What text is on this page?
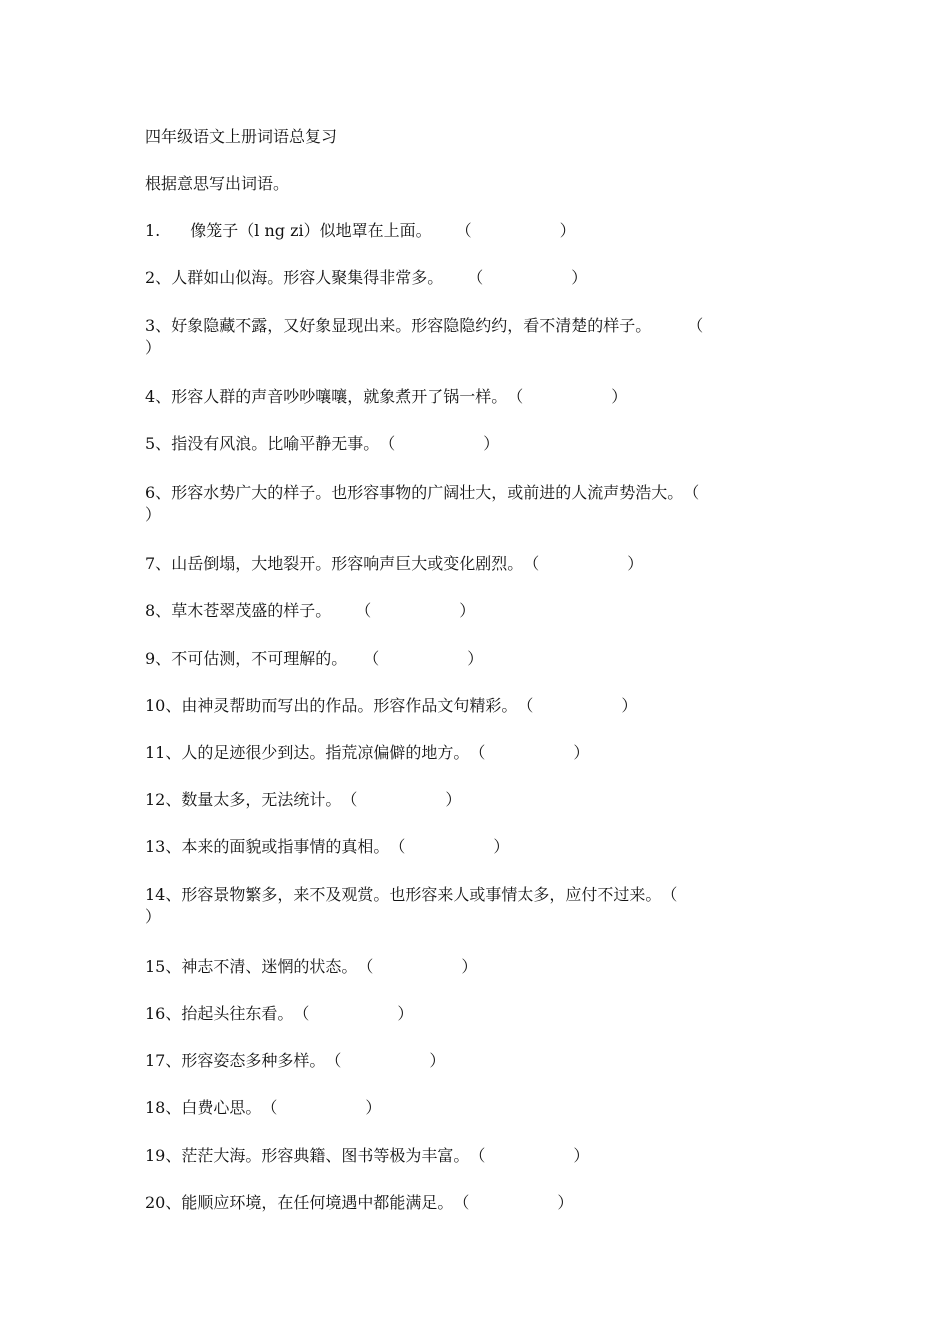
四年级语文上册词语总复习
根据意思写出词语。
1. 像笼子（l ng zi）似地罩在上面。 （	）
2、人群如山似海。形容人聚集得非常多。 （	）
3、好象隐藏不露，又好象显现出来。形容隐隐约约，看不清楚的样子。 （
）
4、形容人群的声音吵吵嚷嚷，就象煮开了锅一样。（	）
5、指没有风浪。比喻平静无事。（	）
6、形容水势广大的样子。也形容事物的广阔壮大，或前进的人流声势浩大。（
）
7、山岳倒塌，大地裂开。形容响声巨大或变化剧烈。（	）
8、草木苍翠茂盛的样子。 （	）
9、不可估测，不可理解的。 （	）
10、由神灵帮助而写出的作品。形容作品文句精彩。（	）
11、人的足迹很少到达。指荒凉偏僻的地方。（	）
12、数量太多，无法统计。（	）
13、本来的面貌或指事情的真相。（	）
14、形容景物繁多，来不及观赏。也形容来人或事情太多，应付不过来。（
）
15、神志不清、迷惘的状态。（	）
16、抬起头往东看。（	）
17、形容姿态多种多样。（	）
18、白费心思。（	）
19、茫茫大海。形容典籍、图书等极为丰富。（	）
20、能顺应环境，在任何境遇中都能满足。（	）
